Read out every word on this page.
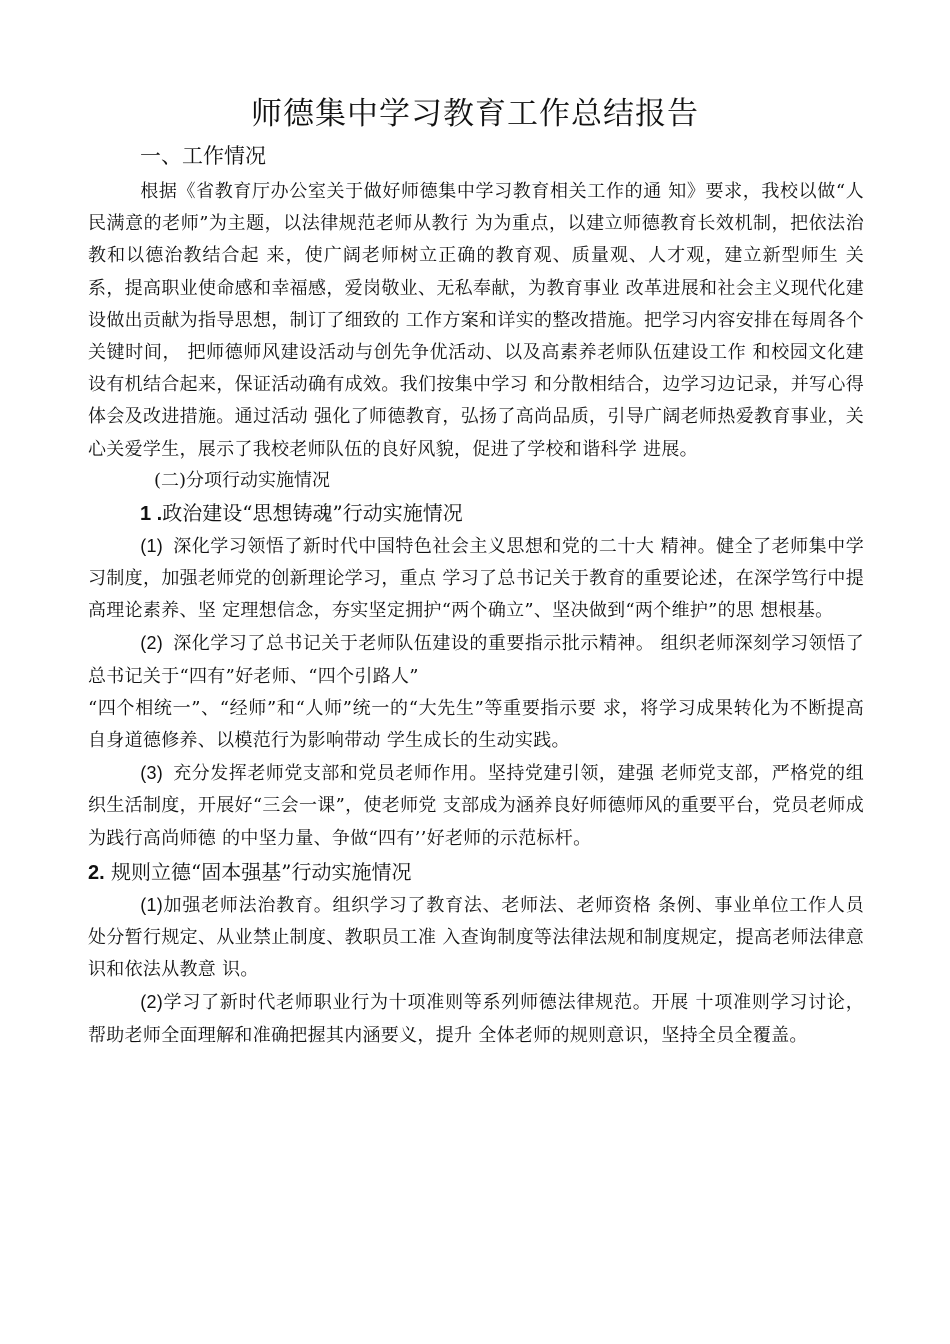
师德集中学习教育工作总结报告
一、工作情况

根据《省教育厅办公室关于做好师德集中学习教育相关工作的通 知》要求，我校以做“人民满意的老师”为主题，以法律规范老师从教行 为为重点，以建立师德教育长效机制，把依法治教和以德治教结合起 来，使广阔老师树立正确的教育观、质量观、人才观，建立新型师生 关系，提高职业使命感和幸福感，爱岗敬业、无私奉献，为教育事业 改革进展和社会主义现代化建设做出贡献为指导思想，制订了细致的 工作方案和详实的整改措施。把学习内容安排在每周各个关键时间， 把师德师风建设活动与创先争优活动、以及高素养老师队伍建设工作 和校园文化建设有机结合起来，保证活动确有成效。我们按集中学习 和分散相结合，边学习边记录，并写心得体会及改进措施。通过活动 强化了师德教育，弘扬了高尚品质，引导广阔老师热爱教育事业，关 心关爱学生，展示了我校老师队伍的良好风貌，促进了学校和谐科学 进展。

(二)分项行动实施情况
1 .政治建设“思想铸魂”行动实施情况

(1) 深化学习领悟了新时代中国特色社会主义思想和党的二十大 精神。健全了老师集中学习制度，加强老师党的创新理论学习，重点 学习了总书记关于教育的重要论述，在深学笃行中提高理论素养、坚 定理想信念，夯实坚定拥护“两个确立”、坚决做到“两个维护”的思 想根基。

(2) 深化学习了总书记关于老师队伍建设的重要指示批示精神。 组织老师深刻学习领悟了总书记关于“四有”好老师、“四个引路人”

“四个相统一”、“经师”和“人师”统一的“大先生”等重要指示要 求，将学习成果转化为不断提高自身道德修养、以模范行为影响带动 学生成长的生动实践。

(3) 充分发挥老师党支部和党员老师作用。坚持党建引领，建强 老师党支部，严格党的组织生活制度，开展好“三会一课”，使老师党 支部成为涵养良好师德师风的重要平台，党员老师成为践行高尚师德 的中坚力量、争做“四有’’好老师的示范标杆。

2. 规则立德“固本强基”行动实施情况

(1)加强老师法治教育。组织学习了教育法、老师法、老师资格 条例、事业单位工作人员处分暂行规定、从业禁止制度、教职员工准 入查询制度等法律法规和制度规定，提高老师法律意识和依法从教意 识。

(2)学习了新时代老师职业行为十项准则等系列师德法律规范。开展 十项准则学习讨论，帮助老师全面理解和准确把握其内涵要义，提升 全体老师的规则意识，坚持全员全覆盖。
